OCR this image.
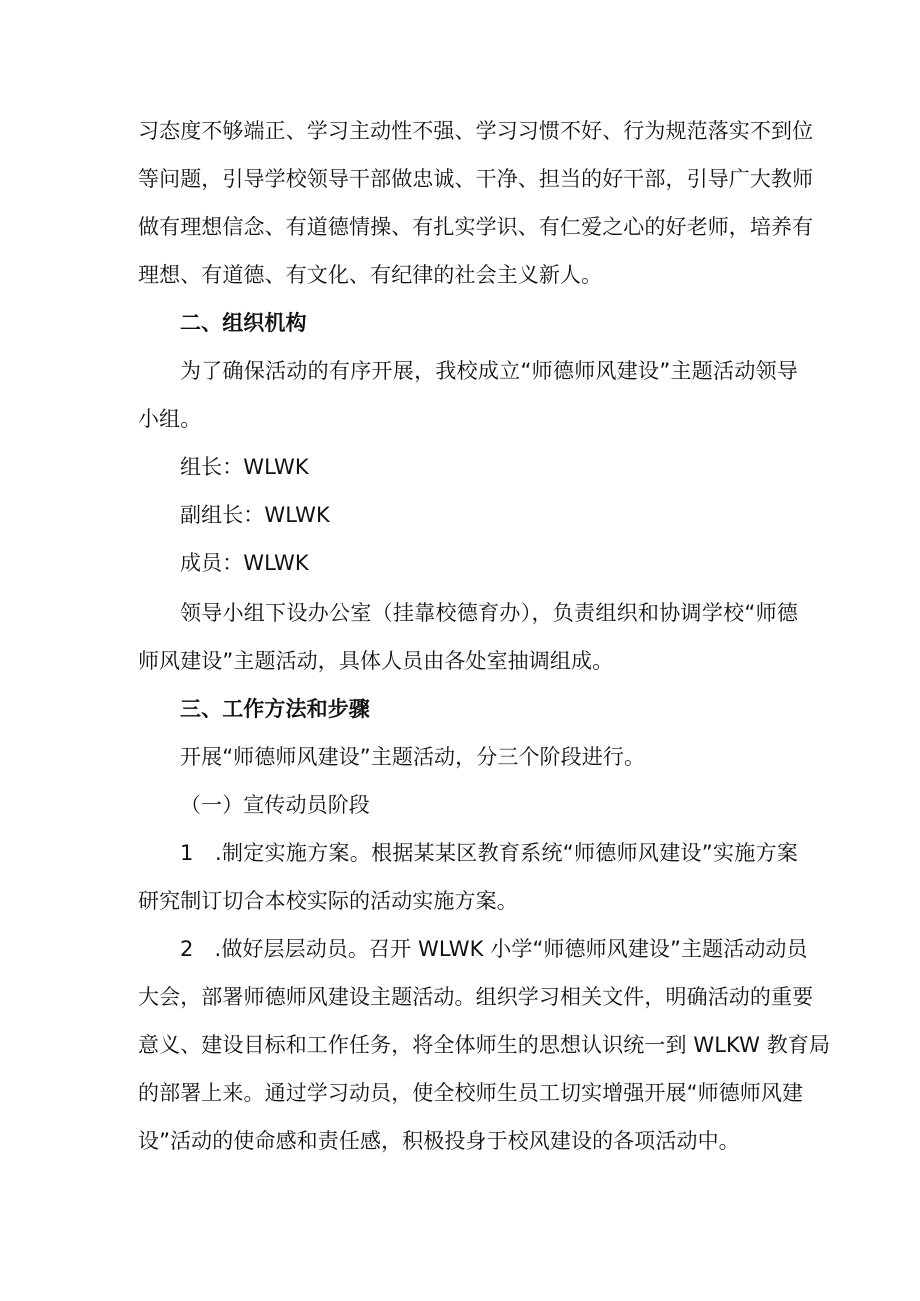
习态度不够端正、学习主动性不强、学习习惯不好、行为规范落实不到位
等问题，引导学校领导干部做忠诚、干净、担当的好干部，引导广大教师
做有理想信念、有道德情操、有扎实学识、有仁爱之心的好老师，培养有
理想、有道德、有文化、有纪律的社会主义新人。
二、组织机构
为了确保活动的有序开展，我校成立“师德师风建设”主题活动领导
小组。
组长：WLWK
副组长：WLWK
成员：WLWK
领导小组下设办公室（挂靠校德育办），负责组织和协调学校“师德
师风建设”主题活动，具体人员由各处室抽调组成。
三、工作方法和步骤
开展“师德师风建设”主题活动，分三个阶段进行。
（一）宣传动员阶段
1　.制定实施方案。根据某某区教育系统“师德师风建设”实施方案
研究制订切合本校实际的活动实施方案。
2　.做好层层动员。召开 WLWK 小学“师德师风建设”主题活动动员
大会，部署师德师风建设主题活动。组织学习相关文件，明确活动的重要
意义、建设目标和工作任务，将全体师生的思想认识统一到 WLKW 教育局
的部署上来。通过学习动员，使全校师生员工切实增强开展“师德师风建
设”活动的使命感和责任感，积极投身于校风建设的各项活动中。
